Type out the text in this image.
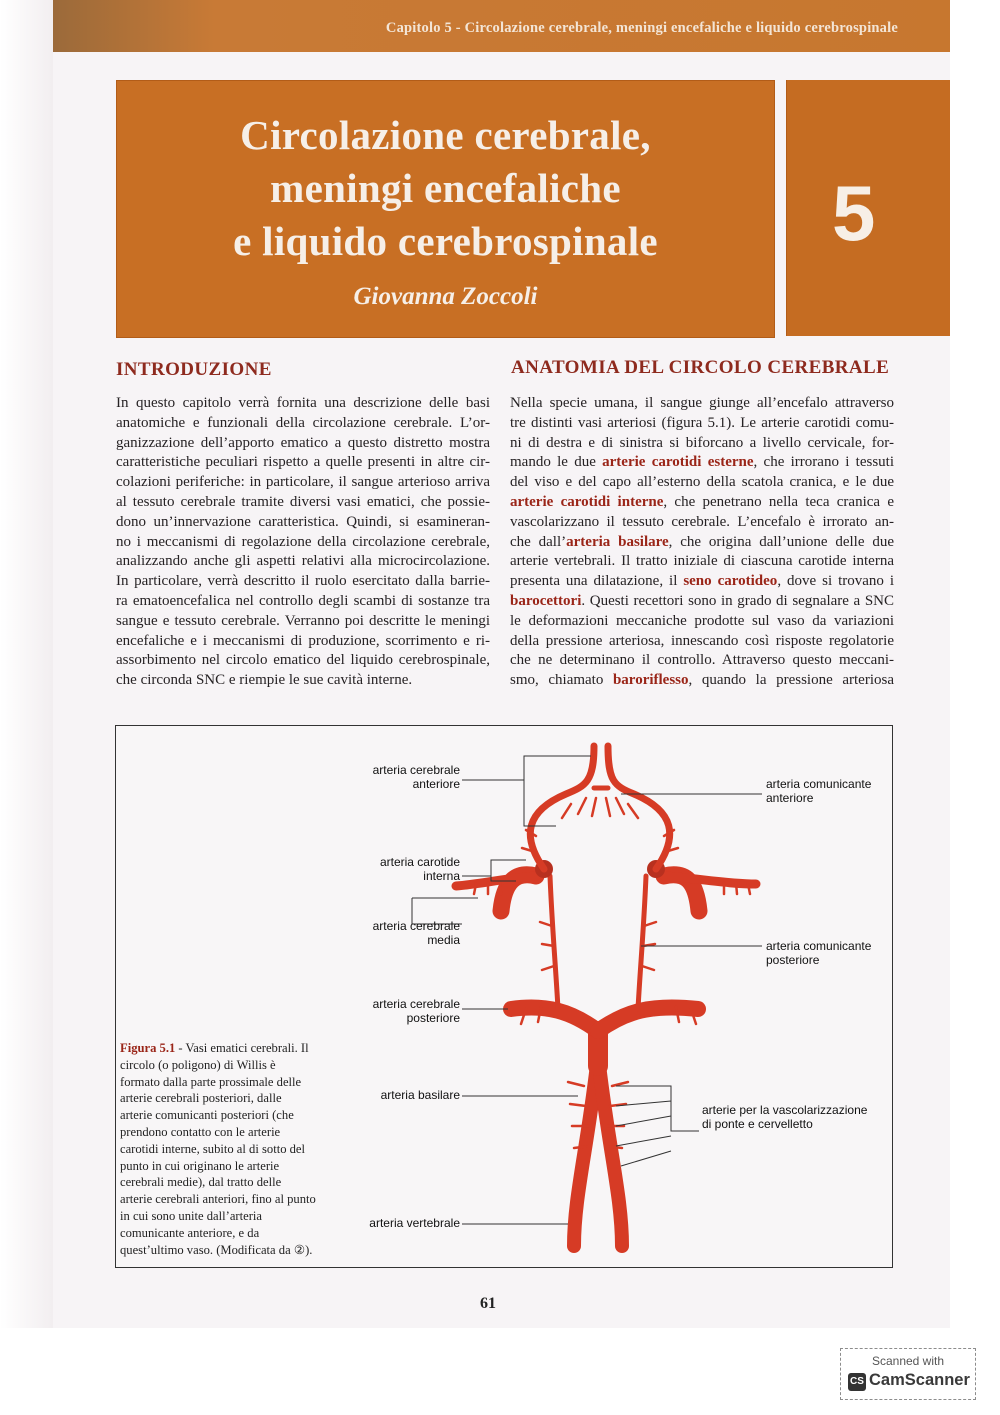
Capitolo 5 - Circolazione cerebrale, meningi encefaliche e liquido cerebrospinale
Circolazione cerebrale,
meningi encefaliche
e liquido cerebrospinale
Giovanna Zoccoli
5
INTRODUZIONE	ANATOMIA DEL CIRCOLO CEREBRALE
In questo capitolo verrà fornita una descrizione delle basi
anatomiche e funzionali della circolazione cerebrale. L’or-
ganizzazione dell’apporto ematico a questo distretto mostra
caratteristiche peculiari rispetto a quelle presenti in altre cir-
colazioni periferiche: in particolare, il sangue arterioso arriva
al tessuto cerebrale tramite diversi vasi ematici, che possie-
dono un’innervazione caratteristica. Quindi, si esamineran-
no i meccanismi di regolazione della circolazione cerebrale,
analizzando anche gli aspetti relativi alla microcircolazione.
In particolare, verrà descritto il ruolo esercitato dalla barrie-
ra ematoencefalica nel controllo degli scambi di sostanze tra
sangue e tessuto cerebrale. Verranno poi descritte le meningi
encefaliche e i meccanismi di produzione, scorrimento e ri-
assorbimento nel circolo ematico del liquido cerebrospinale,
che circonda SNC e riempie le sue cavità interne.
Nella specie umana, il sangue giunge all’encefalo attraverso
tre distinti vasi arteriosi (figura 5.1). Le arterie carotidi comu-
ni di destra e di sinistra si biforcano a livello cervicale, for-
mando le due arterie carotidi esterne, che irrorano i tessuti
del viso e del capo all’esterno della scatola cranica, e le due
arterie carotidi interne, che penetrano nella teca cranica e
vascolarizzano il tessuto cerebrale. L’encefalo è irrorato an-
che dall’arteria basilare, che origina dall’unione delle due
arterie vertebrali. Il tratto iniziale di ciascuna carotide interna
presenta una dilatazione, il seno carotideo, dove si trovano i
barocettori. Questi recettori sono in grado di segnalare a SNC
le deformazioni meccaniche prodotte sul vaso da variazioni
della pressione arteriosa, innescando così risposte regolatorie
che ne determinano il controllo. Attraverso questo meccani-
smo, chiamato baroriflesso, quando la pressione arteriosa
arteria cerebrale
anteriore
arteria carotide
interna
arteria cerebrale
media
arteria cerebrale
posteriore
arteria basilare
arteria vertebrale
arteria comunicante
anteriore
arteria comunicante
posteriore
arterie per la vascolarizzazione
di ponte e cervelletto
Figura 5.1 - Vasi ematici cerebrali. Il circolo (o poligono) di Willis è formato dalla parte prossimale delle arterie cerebrali posteriori, dalle arterie comunicanti posteriori (che prendono contatto con le arterie carotidi interne, subito al di sotto del punto in cui originano le arterie cerebrali medie), dal tratto delle arterie cerebrali anteriori, fino al punto in cui sono unite dall’arteria comunicante anteriore, e da quest’ultimo vaso. (Modificata da ②).
61
Scanned with
CS CamScanner
